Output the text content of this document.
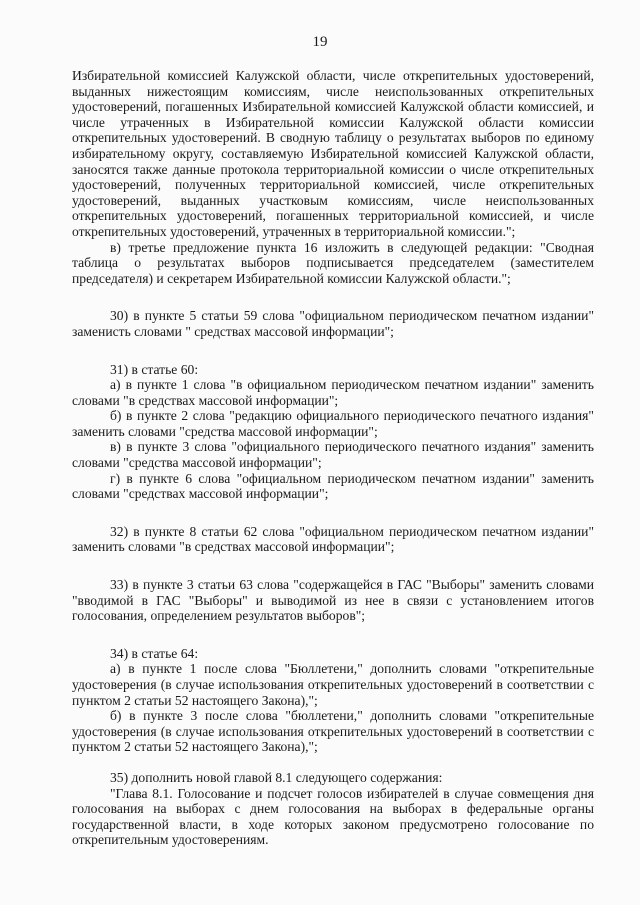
19

Избирательной комиссией Калужской области, числе открепительных удостоверений, выданных нижестоящим комиссиям, числе неиспользованных открепительных удостоверений, погашенных Избирательной комиссией Калужской области комиссией, и числе утраченных в Избирательной комиссии Калужской области комиссии открепительных удостоверений. В сводную таблицу о результатах выборов по единому избирательному округу, составляемую Избирательной комиссией Калужской области, заносятся также данные протокола территориальной комиссии о числе открепительных удостоверений, полученных территориальной комиссией, числе открепительных удостоверений, выданных участковым комиссиям, числе неиспользованных открепительных удостоверений, погашенных территориальной комиссией, и числе открепительных удостоверений, утраченных в территориальной комиссии.";

в) третье предложение пункта 16 изложить в следующей редакции: "Сводная таблица о результатах выборов подписывается председателем (заместителем председателя) и секретарем Избирательной комиссии Калужской области.";

30) в пункте 5 статьи 59 слова "официальном периодическом печатном издании" заменисть словами " средствах массовой информации";

31) в статье 60:

а) в пункте 1 слова "в официальном периодическом печатном издании" заменить словами "в средствах массовой информации";

б) в пункте 2 слова "редакцию официального периодического печатного издания" заменить словами "средства массовой информации";

в) в пункте 3 слова "официального периодического печатного издания" заменить словами "средства массовой информации";

г) в пункте 6 слова "официальном периодическом печатном издании" заменить словами "средствах массовой информации";

32) в пункте 8 статьи 62 слова "официальном периодическом печатном издании" заменить словами "в средствах массовой информации";

33) в пункте 3 статьи 63 слова "содержащейся в ГАС "Выборы" заменить словами "вводимой в ГАС "Выборы" и выводимой из нее в связи с установлением итогов голосования, определением результатов выборов";

34) в статье 64:

а) в пункте 1 после слова "Бюллетени," дополнить словами "открепительные удостоверения (в случае использования открепительных удостоверений в соответствии с пунктом 2 статьи 52 настоящего Закона),";

б) в пункте 3 после слова "бюллетени," дополнить словами "открепительные удостоверения (в случае использования открепительных удостоверений в соответствии с пунктом 2 статьи 52 настоящего Закона),";

35) дополнить новой главой 8.1 следующего содержания:

"Глава 8.1. Голосование и подсчет голосов избирателей в случае совмещения дня голосования на выборах с днем голосования на выборах в федеральные органы государственной власти, в ходе которых законом предусмотрено голосование по открепительным удостоверениям.
